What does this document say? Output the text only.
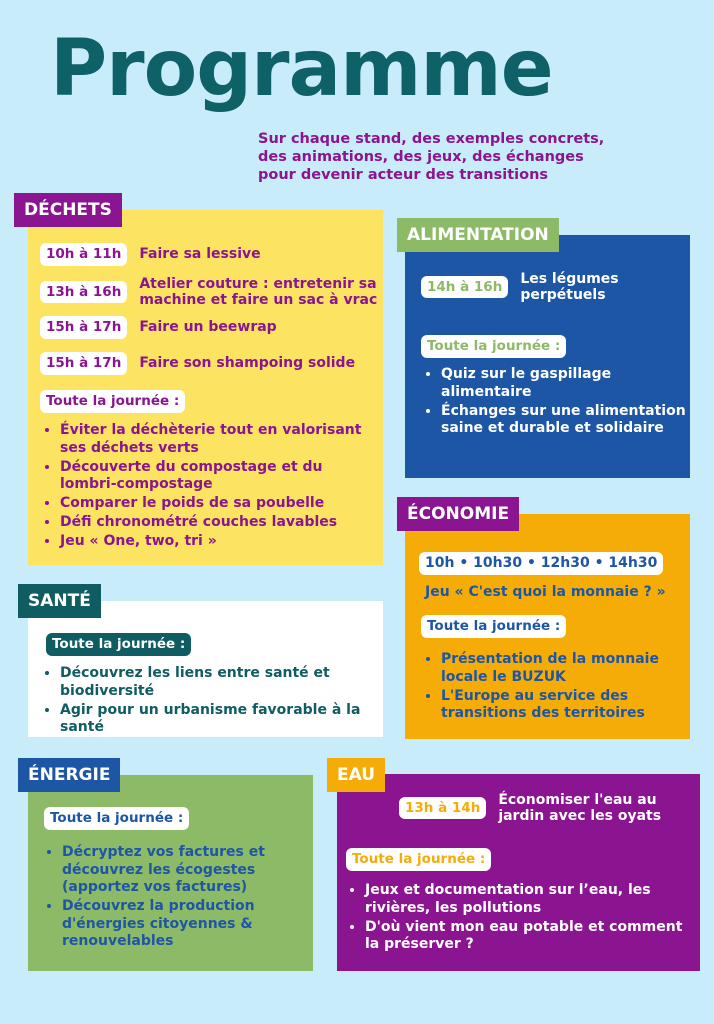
Programme
Sur chaque stand, des exemples concrets,
des animations, des jeux, des échanges
pour devenir acteur des transitions
DÉCHETS
10h à 11h	Faire sa lessive
13h à 16h	Atelier couture : entretenir sa machine et faire un sac à vrac
15h à 17h	Faire un beewrap
15h à 17h	Faire son shampoing solide
Toute la journée :
• Éviter la déchèterie tout en valorisant ses déchets verts
• Découverte du compostage et du lombri-compostage
• Comparer le poids de sa poubelle
• Défi chronométré couches lavables
• Jeu « One, two, tri »
SANTÉ
Toute la journée :
• Découvrez les liens entre santé et biodiversité
• Agir pour un urbanisme favorable à la santé
ÉNERGIE
Toute la journée :
• Décryptez vos factures et découvrez les écogestes (apportez vos factures)
• Découvrez la production d'énergies citoyennes & renouvelables
ALIMENTATION
14h à 16h	Les légumes perpétuels
Toute la journée :
• Quiz sur le gaspillage alimentaire
• Échanges sur une alimentation saine et durable et solidaire
ÉCONOMIE
10h • 10h30 • 12h30 • 14h30
Jeu « C'est quoi la monnaie ? »
Toute la journée :
• Présentation de la monnaie locale le BUZUK
• L'Europe au service des transitions des territoires
EAU
13h à 14h	Économiser l'eau au jardin avec les oyats
Toute la journée :
• Jeux et documentation sur l’eau, les rivières, les pollutions
• D'où vient mon eau potable et comment la préserver ?
